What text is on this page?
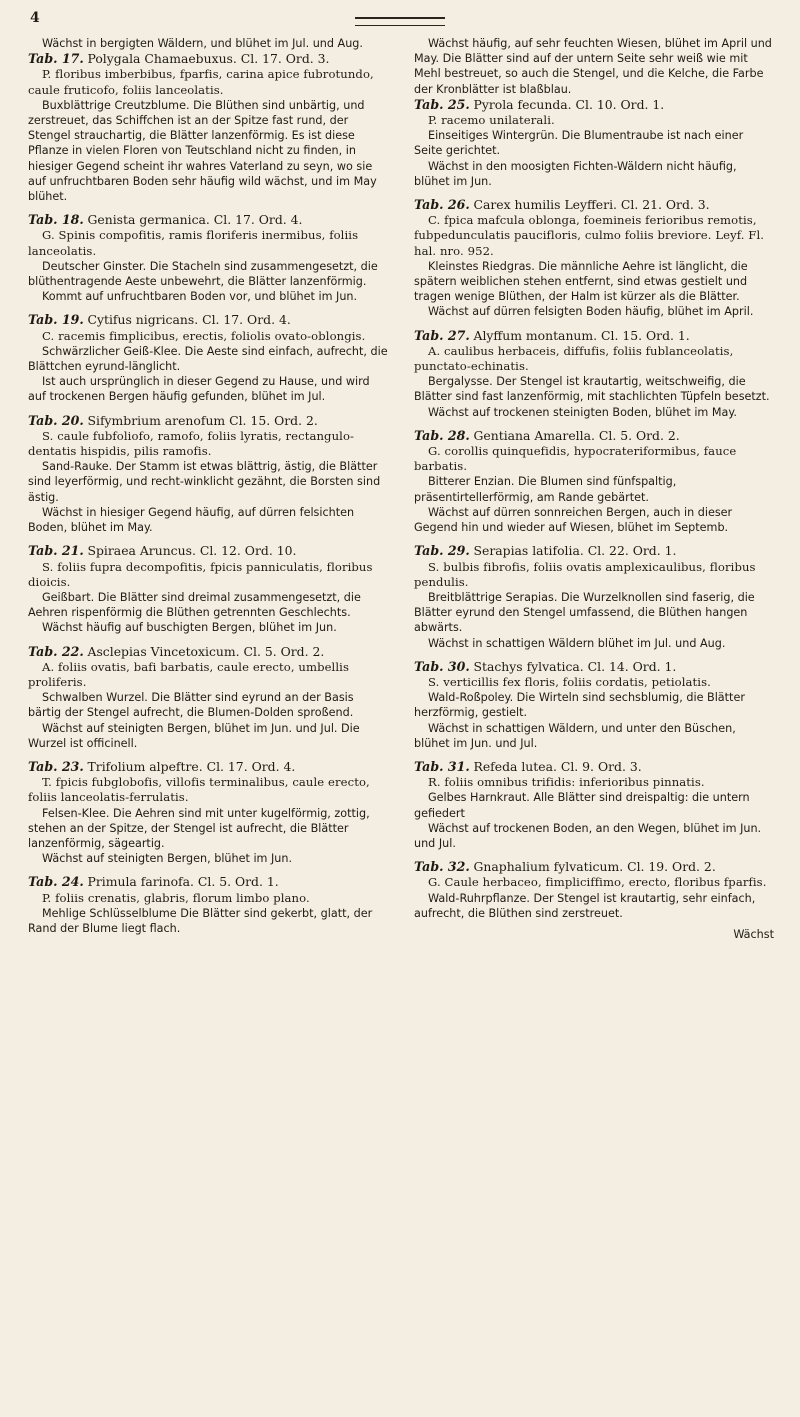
4

Wächst in bergigten Wäldern, und blühet im Jul. und Aug.

Tab. 17. Polygala Chamaebuxus. Cl. 17. Ord. 3.

P. floribus imberbibus, fparfis, carina apice fubrotundo, caule fruticofo, foliis lanceolatis.

Buxblättrige Creutzblume. Die Blüthen sind unbärtig, und zerstreuet, das Schiffchen ist an der Spitze fast rund, der Stengel strauchartig, die Blätter lanzenförmig. Es ist diese Pflanze in vielen Floren von Teutschland nicht zu finden, in hiesiger Gegend scheint ihr wahres Vaterland zu seyn, wo sie auf unfruchtbaren Boden sehr häufig wild wächst, und im May blühet.

Tab. 18. Genista germanica. Cl. 17. Ord. 4.

G. Spinis compofitis, ramis floriferis inermibus, foliis lanceolatis.

Deutscher Ginster. Die Stacheln sind zusammengesetzt, die blüthentragende Aeste unbewehrt, die Blätter lanzenförmig.

Kommt auf unfruchtbaren Boden vor, und blühet im Jun.

Tab. 19. Cytifus nigricans. Cl. 17. Ord. 4.

C. racemis fimplicibus, erectis, foliolis ovato-oblongis.

Schwärzlicher Geiß-Klee. Die Aeste sind einfach, aufrecht, die Blättchen eyrund-länglicht.

Ist auch ursprünglich in dieser Gegend zu Hause, und wird auf trockenen Bergen häufig gefunden, blühet im Jul.

Tab. 20. Sifymbrium arenofum Cl. 15. Ord. 2.

S. caule fubfoliofo, ramofo, foliis lyratis, rectangulo-dentatis hispidis, pilis ramofis.

Sand-Rauke. Der Stamm ist etwas blättrig, ästig, die Blätter sind leyerförmig, und recht-winklicht gezähnt, die Borsten sind ästig.

Wächst in hiesiger Gegend häufig, auf dürren felsichten Boden, blühet im May.

Tab. 21. Spiraea Aruncus. Cl. 12. Ord. 10.

S. foliis fupra decompofitis, fpicis panniculatis, floribus dioicis.

Geißbart. Die Blätter sind dreimal zusammengesetzt, die Aehren rispenförmig die Blüthen getrennten Geschlechts.

Wächst häufig auf buschigten Bergen, blühet im Jun.

Tab. 22. Asclepias Vincetoxicum. Cl. 5. Ord. 2.

A. foliis ovatis, bafi barbatis, caule erecto, umbellis proliferis.

Schwalben Wurzel. Die Blätter sind eyrund an der Basis bärtig der Stengel aufrecht, die Blumen-Dolden sproßend.

Wächst auf steinigten Bergen, blühet im Jun. und Jul. Die Wurzel ist officinell.

Tab. 23. Trifolium alpeftre. Cl. 17. Ord. 4.

T. fpicis fubglobofis, villofis terminalibus, caule erecto, foliis lanceolatis-ferrulatis.

Felsen-Klee. Die Aehren sind mit unter kugelförmig, zottig, stehen an der Spitze, der Stengel ist aufrecht, die Blätter lanzenförmig, sägeartig.

Wächst auf steinigten Bergen, blühet im Jun.

Tab. 24. Primula farinofa. Cl. 5. Ord. 1.

P. foliis crenatis, glabris, florum limbo plano.

Mehlige Schlüsselblume Die Blätter sind gekerbt, glatt, der Rand der Blume liegt flach.

Wächst häufig, auf sehr feuchten Wiesen, blühet im April und May. Die Blätter sind auf der untern Seite sehr weiß wie mit Mehl bestreuet, so auch die Stengel, und die Kelche, die Farbe der Kronblätter ist blaßblau.

Tab. 25. Pyrola fecunda. Cl. 10. Ord. 1.

P. racemo unilaterali.

Einseitiges Wintergrün. Die Blumentraube ist nach einer Seite gerichtet.

Wächst in den moosigten Fichten-Wäldern nicht häufig, blühet im Jun.

Tab. 26. Carex humilis Leyfferi. Cl. 21. Ord. 3.

C. fpica mafcula oblonga, foemineis ferioribus remotis, fubpedunculatis paucifloris, culmo foliis breviore. Leyf. Fl. hal. nro. 952.

Kleinstes Riedgras. Die männliche Aehre ist länglicht, die spätern weiblichen stehen entfernt, sind etwas gestielt und tragen wenige Blüthen, der Halm ist kürzer als die Blätter.

Wächst auf dürren felsigten Boden häufig, blühet im April.

Tab. 27. Alyffum montanum. Cl. 15. Ord. 1.

A. caulibus herbaceis, diffufis, foliis fublanceolatis, punctato-echinatis.

Bergalysse. Der Stengel ist krautartig, weitschweifig, die Blätter sind fast lanzenförmig, mit stachlichten Tüpfeln besetzt.

Wächst auf trockenen steinigten Boden, blühet im May.

Tab. 28. Gentiana Amarella. Cl. 5. Ord. 2.

G. corollis quinquefidis, hypocrateriformibus, fauce barbatis.

Bitterer Enzian. Die Blumen sind fünfspaltig, präsentirtellerförmig, am Rande gebärtet.

Wächst auf dürren sonnreichen Bergen, auch in dieser Gegend hin und wieder auf Wiesen, blühet im Septemb.

Tab. 29. Serapias latifolia. Cl. 22. Ord. 1.

S. bulbis fibrofis, foliis ovatis amplexicaulibus, floribus pendulis.

Breitblättrige Serapias. Die Wurzelknollen sind faserig, die Blätter eyrund den Stengel umfassend, die Blüthen hangen abwärts.

Wächst in schattigen Wäldern blühet im Jul. und Aug.

Tab. 30. Stachys fylvatica. Cl. 14. Ord. 1.

S. verticillis fex floris, foliis cordatis, petiolatis.

Wald-Roßpoley. Die Wirteln sind sechsblumig, die Blätter herzförmig, gestielt.

Wächst in schattigen Wäldern, und unter den Büschen, blühet im Jun. und Jul.

Tab. 31. Refeda lutea. Cl. 9. Ord. 3.

R. foliis omnibus trifidis: inferioribus pinnatis.

Gelbes Harnkraut. Alle Blätter sind dreispaltig: die untern gefiedert

Wächst auf trockenen Boden, an den Wegen, blühet im Jun. und Jul.

Tab. 32. Gnaphalium fylvaticum. Cl. 19. Ord. 2.

G. Caule herbaceo, fimpliciffimo, erecto, floribus fparfis.

Wald-Ruhrpflanze. Der Stengel ist krautartig, sehr einfach, aufrecht, die Blüthen sind zerstreuet.

Wächst
